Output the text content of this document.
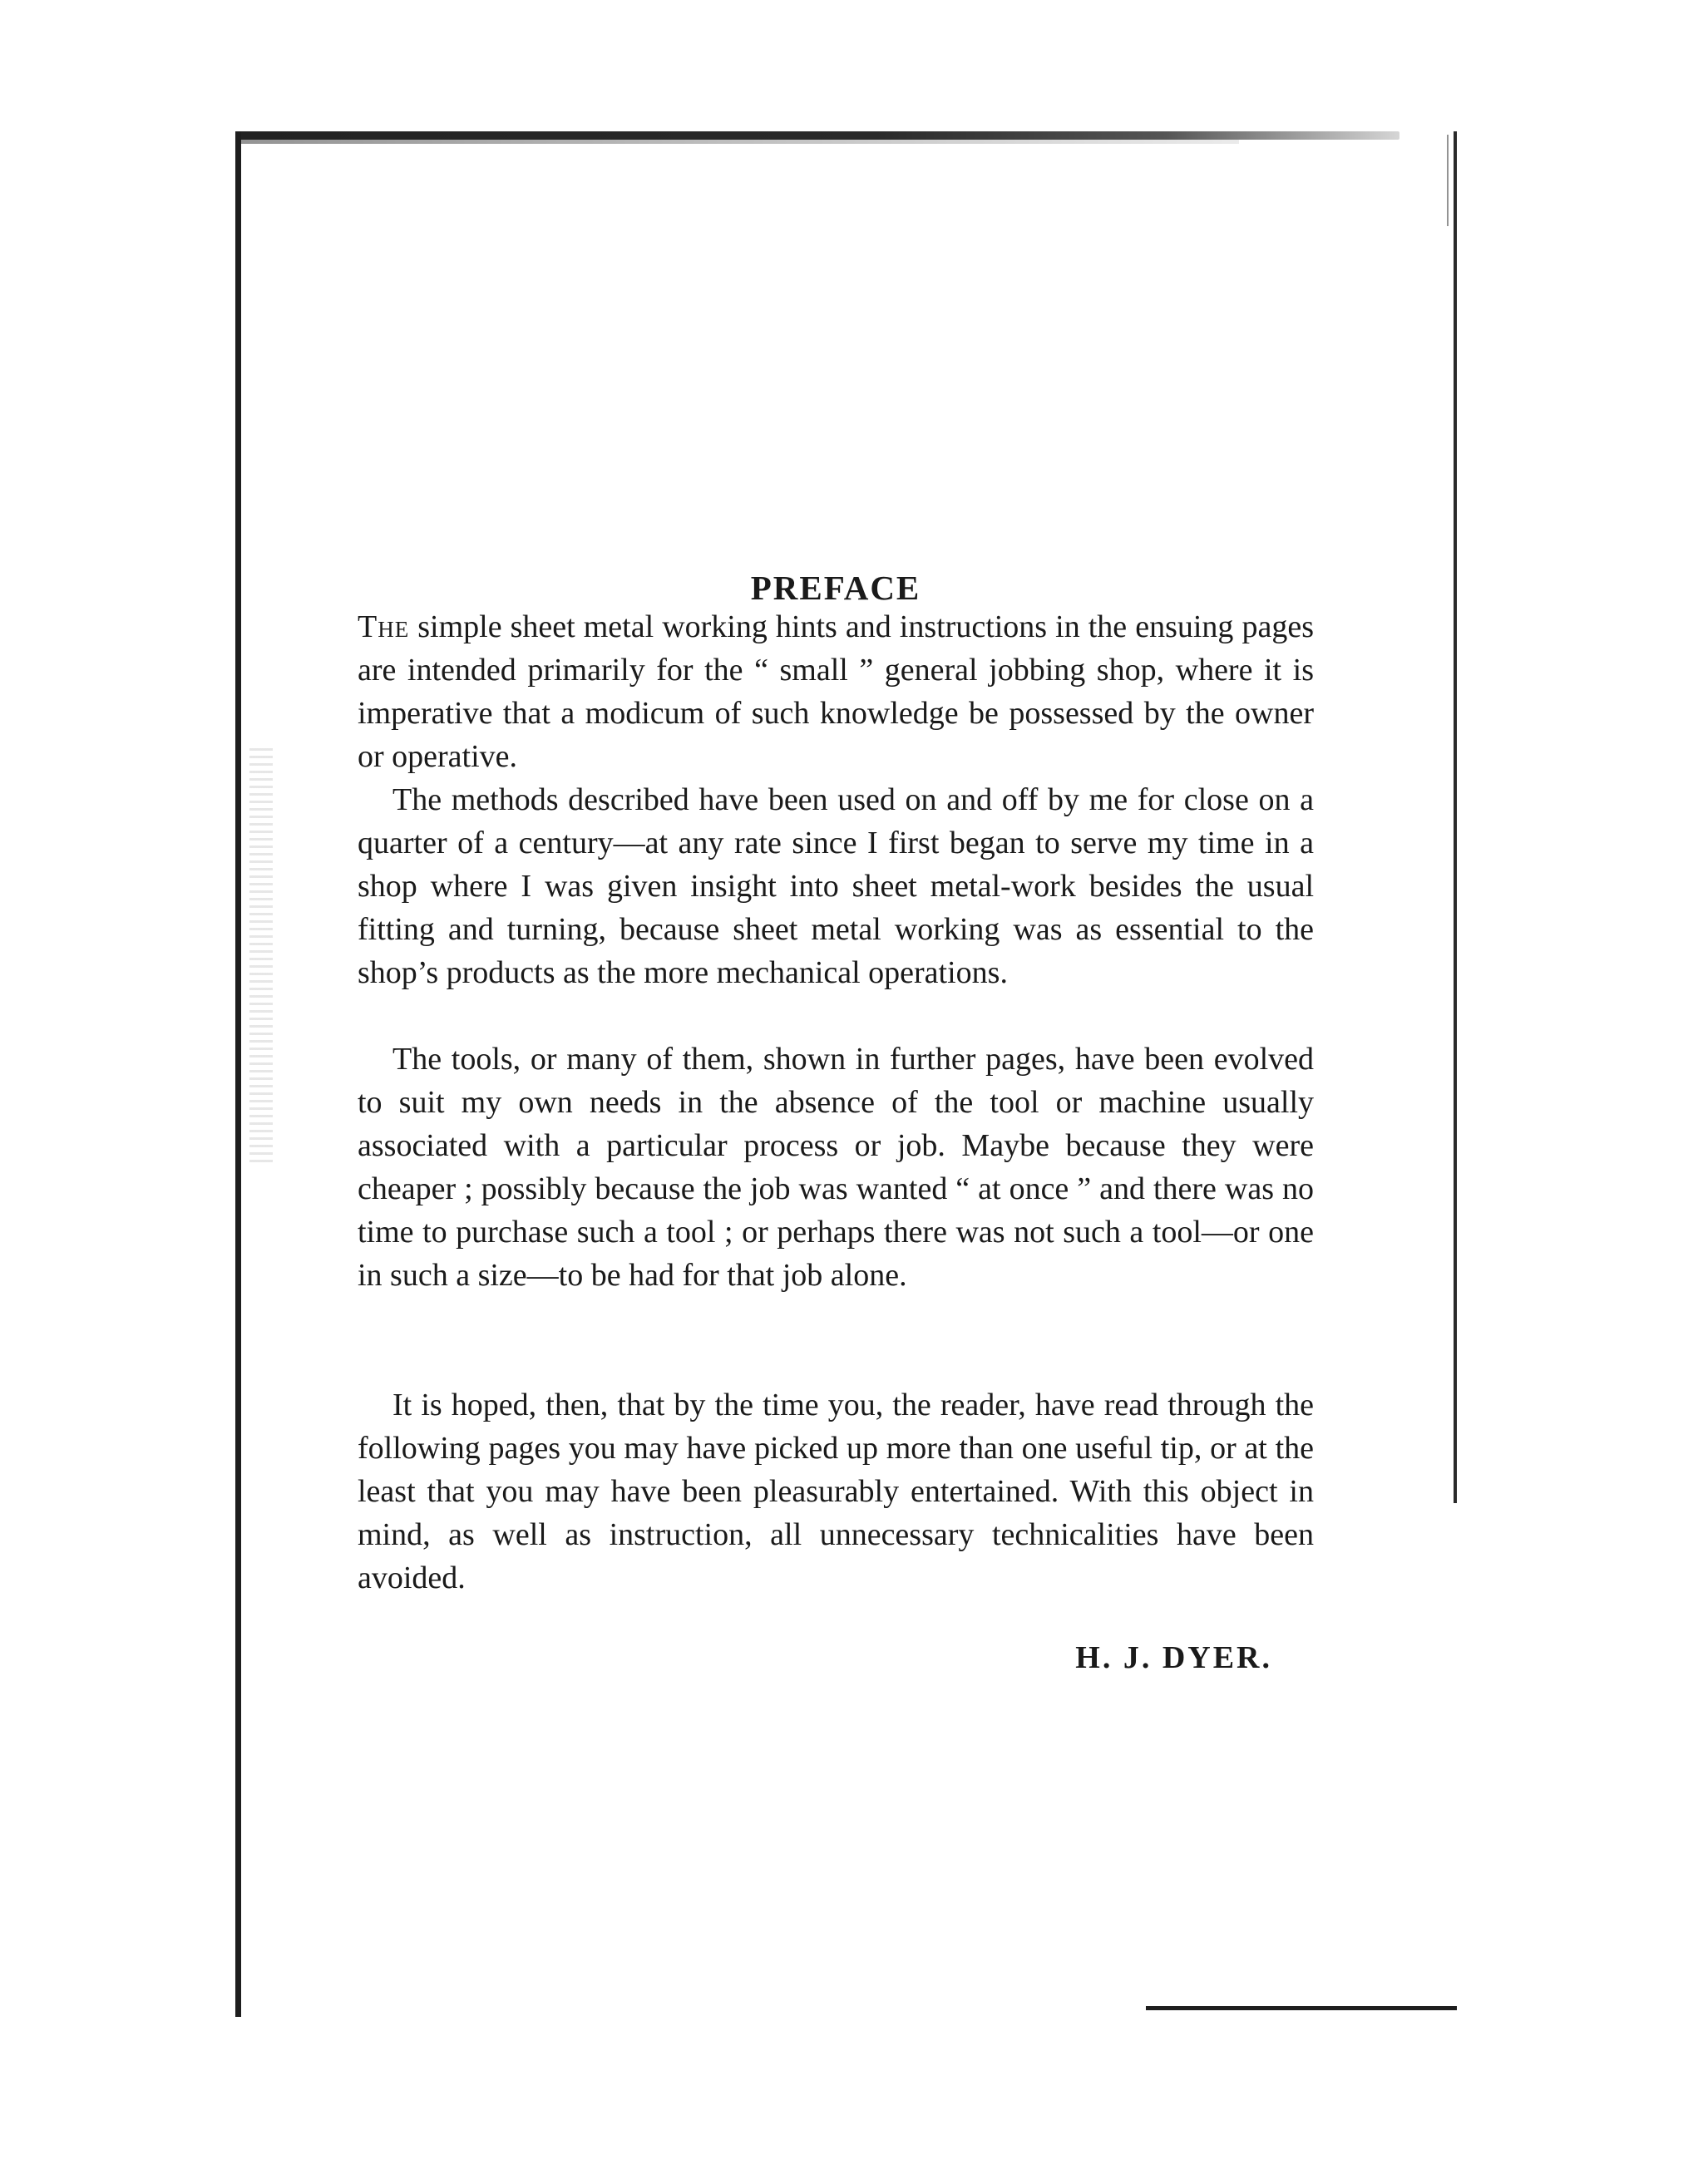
PREFACE

The simple sheet metal working hints and instructions in the ensuing pages are intended primarily for the “ small ” general jobbing shop, where it is imperative that a modicum of such knowledge be possessed by the owner or operative.

The methods described have been used on and off by me for close on a quarter of a century—at any rate since I first began to serve my time in a shop where I was given insight into sheet metal-work besides the usual fitting and turning, because sheet metal working was as essential to the shop’s products as the more mechanical operations.

The tools, or many of them, shown in further pages, have been evolved to suit my own needs in the absence of the tool or machine usually associated with a particular process or job. Maybe because they were cheaper ; possibly because the job was wanted “ at once ” and there was no time to purchase such a tool ; or perhaps there was not such a tool—or one in such a size—to be had for that job alone.

It is hoped, then, that by the time you, the reader, have read through the following pages you may have picked up more than one useful tip, or at the least that you may have been pleasurably entertained. With this object in mind, as well as instruction, all unnecessary technicalities have been avoided.

H. J. DYER.
